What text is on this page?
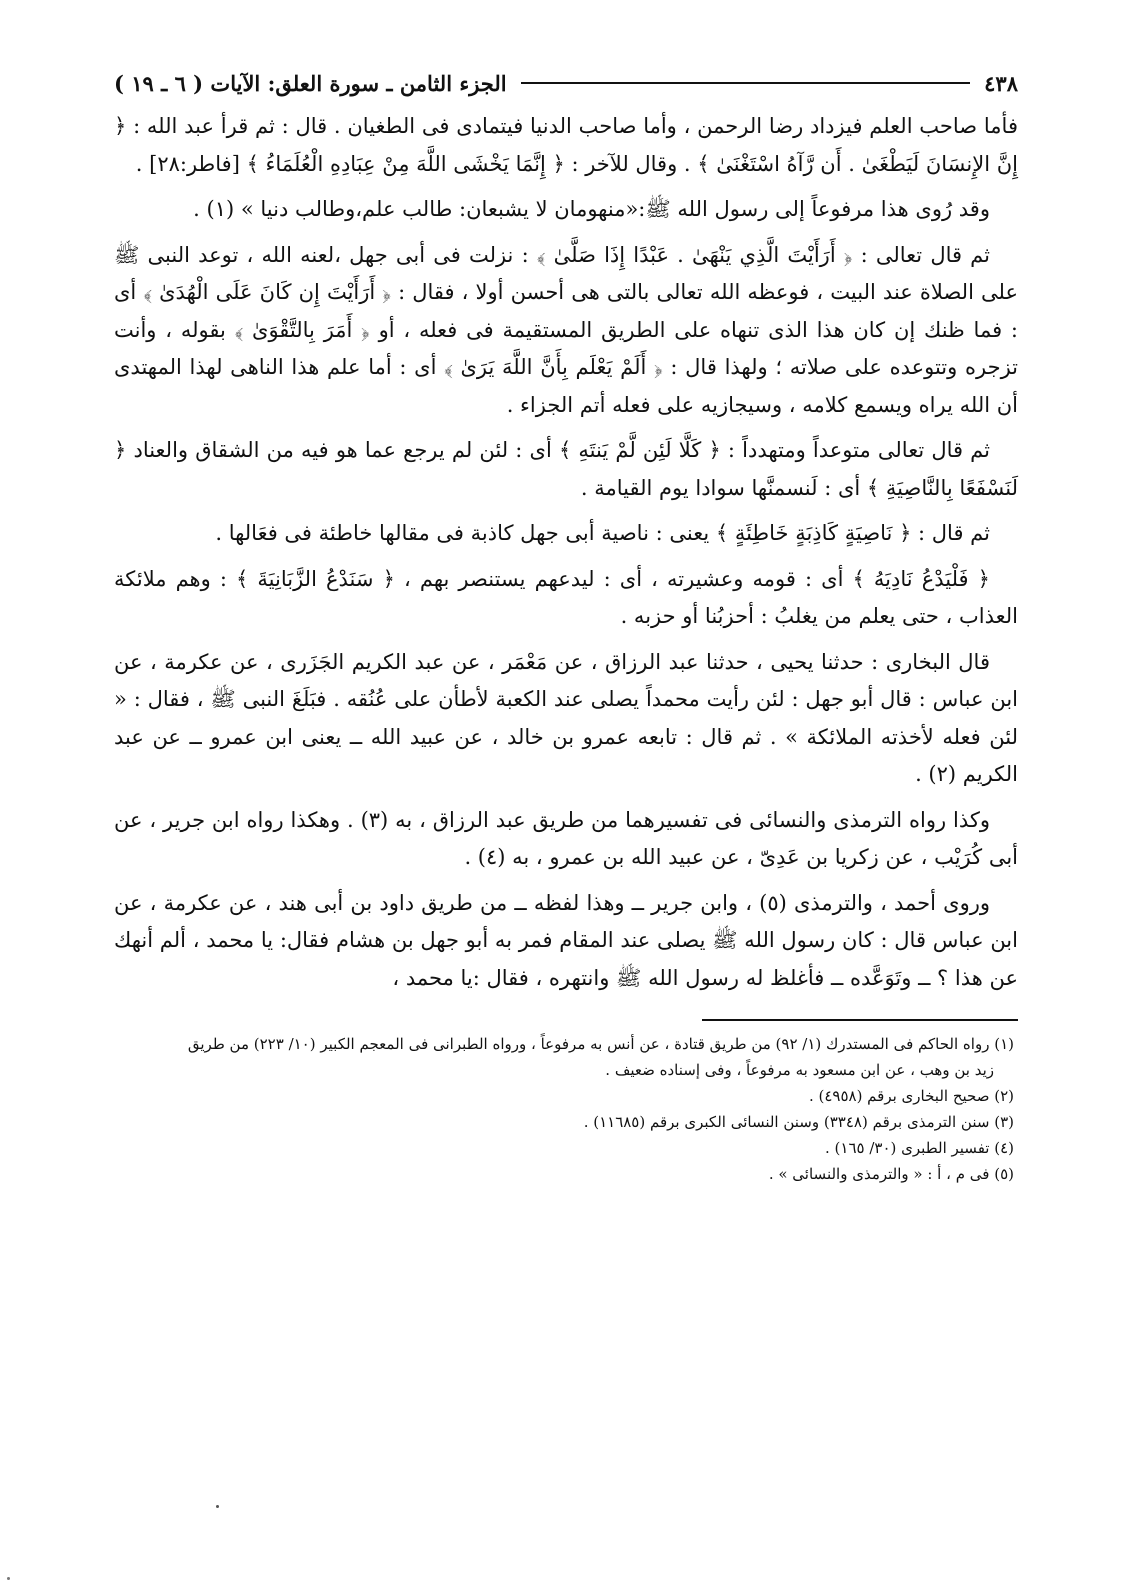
الجزء الثامن ـ سورة العلق: الآيات ( ٦ ـ ١٩ )	٤٣٨

فأما صاحب العلم فيزداد رضا الرحمن ، وأما صاحب الدنيا فيتمادى فى الطغيان . قال : ثم قرأ عبد الله : ﴿ إِنَّ الإِنسَانَ لَيَطْغَىٰ . أَن رَّآهُ اسْتَغْنَىٰ ﴾ . وقال للآخر : ﴿ إِنَّمَا يَخْشَى اللَّهَ مِنْ عِبَادِهِ الْعُلَمَاءُ ﴾ [فاطر:٢٨] .

وقد رُوى هذا مرفوعاً إلى رسول الله ﷺ:«منهومان لا يشبعان: طالب علم،وطالب دنيا » (١) .

ثم قال تعالى : ﴿ أَرَأَيْتَ الَّذِي يَنْهَىٰ . عَبْدًا إِذَا صَلَّىٰ ﴾ : نزلت فى أبى جهل ،لعنه الله ، توعد النبى ﷺ على الصلاة عند البيت ، فوعظه الله تعالى بالتى هى أحسن أولا ، فقال : ﴿ أَرَأَيْتَ إِن كَانَ عَلَى الْهُدَىٰ ﴾ أى : فما ظنك إن كان هذا الذى تنهاه على الطريق المستقيمة فى فعله ، أو ﴿ أَمَرَ بِالتَّقْوَىٰ ﴾ بقوله ، وأنت تزجره وتتوعده على صلاته ؛ ولهذا قال : ﴿ أَلَمْ يَعْلَم بِأَنَّ اللَّهَ يَرَىٰ ﴾ أى : أما علم هذا الناهى لهذا المهتدى أن الله يراه ويسمع كلامه ، وسيجازيه على فعله أتم الجزاء .

ثم قال تعالى متوعداً ومتهدداً : ﴿ كَلَّا لَئِن لَّمْ يَنتَهِ ﴾ أى : لئن لم يرجع عما هو فيه من الشقاق والعناد ﴿ لَنَسْفَعًا بِالنَّاصِيَةِ ﴾ أى : لَنسمنَّها سوادا يوم القيامة .

ثم قال : ﴿ نَاصِيَةٍ كَاذِبَةٍ خَاطِئَةٍ ﴾ يعنى : ناصية أبى جهل كاذبة فى مقالها خاطئة فى فعَالها .

﴿ فَلْيَدْعُ نَادِيَهُ ﴾ أى : قومه وعشيرته ، أى : ليدعهم يستنصر بهم ، ﴿ سَنَدْعُ الزَّبَانِيَةَ ﴾ : وهم ملائكة العذاب ، حتى يعلم من يغلبُ : أحزبُنا أو حزبه .

قال البخارى : حدثنا يحيى ، حدثنا عبد الرزاق ، عن مَعْمَر ، عن عبد الكريم الجَزَرى ، عن عكرمة ، عن ابن عباس : قال أبو جهل : لئن رأيت محمداً يصلى عند الكعبة لأطأن على عُنُقه . فبَلَغَ النبى ﷺ ، فقال : « لئن فعله لأخذته الملائكة » . ثم قال : تابعه عمرو بن خالد ، عن عبيد الله ــ يعنى ابن عمرو ــ عن عبد الكريم (٢) .

وكذا رواه الترمذى والنسائى فى تفسيرهما من طريق عبد الرزاق ، به (٣) . وهكذا رواه ابن جرير ، عن أبى كُرَيْب ، عن زكريا بن عَدِىّ ، عن عبيد الله بن عمرو ، به (٤) .

وروى أحمد ، والترمذى (٥) ، وابن جرير ــ وهذا لفظه ــ من طريق داود بن أبى هند ، عن عكرمة ، عن ابن عباس قال : كان رسول الله ﷺ يصلى عند المقام فمر به أبو جهل بن هشام فقال: يا محمد ، ألم أنهك عن هذا ؟ ــ وتَوَعَّده ــ فأغلظ له رسول الله ﷺ وانتهره ، فقال :يا محمد ،

(١) رواه الحاكم فى المستدرك (١/ ٩٢) من طريق قتادة ، عن أنس به مرفوعاً ، ورواه الطبرانى فى المعجم الكبير (١٠/ ٢٢٣) من طريق

زيد بن وهب ، عن ابن مسعود به مرفوعاً ، وفى إسناده ضعيف .

(٢) صحيح البخارى برقم (٤٩٥٨) .

(٣) سنن الترمذى برقم (٣٣٤٨) وسنن النسائى الكبرى برقم (١١٦٨٥) .

(٤) تفسير الطبرى (٣٠/ ١٦٥) .

(٥) فى م ، أ : « والترمذى والنسائى » .
